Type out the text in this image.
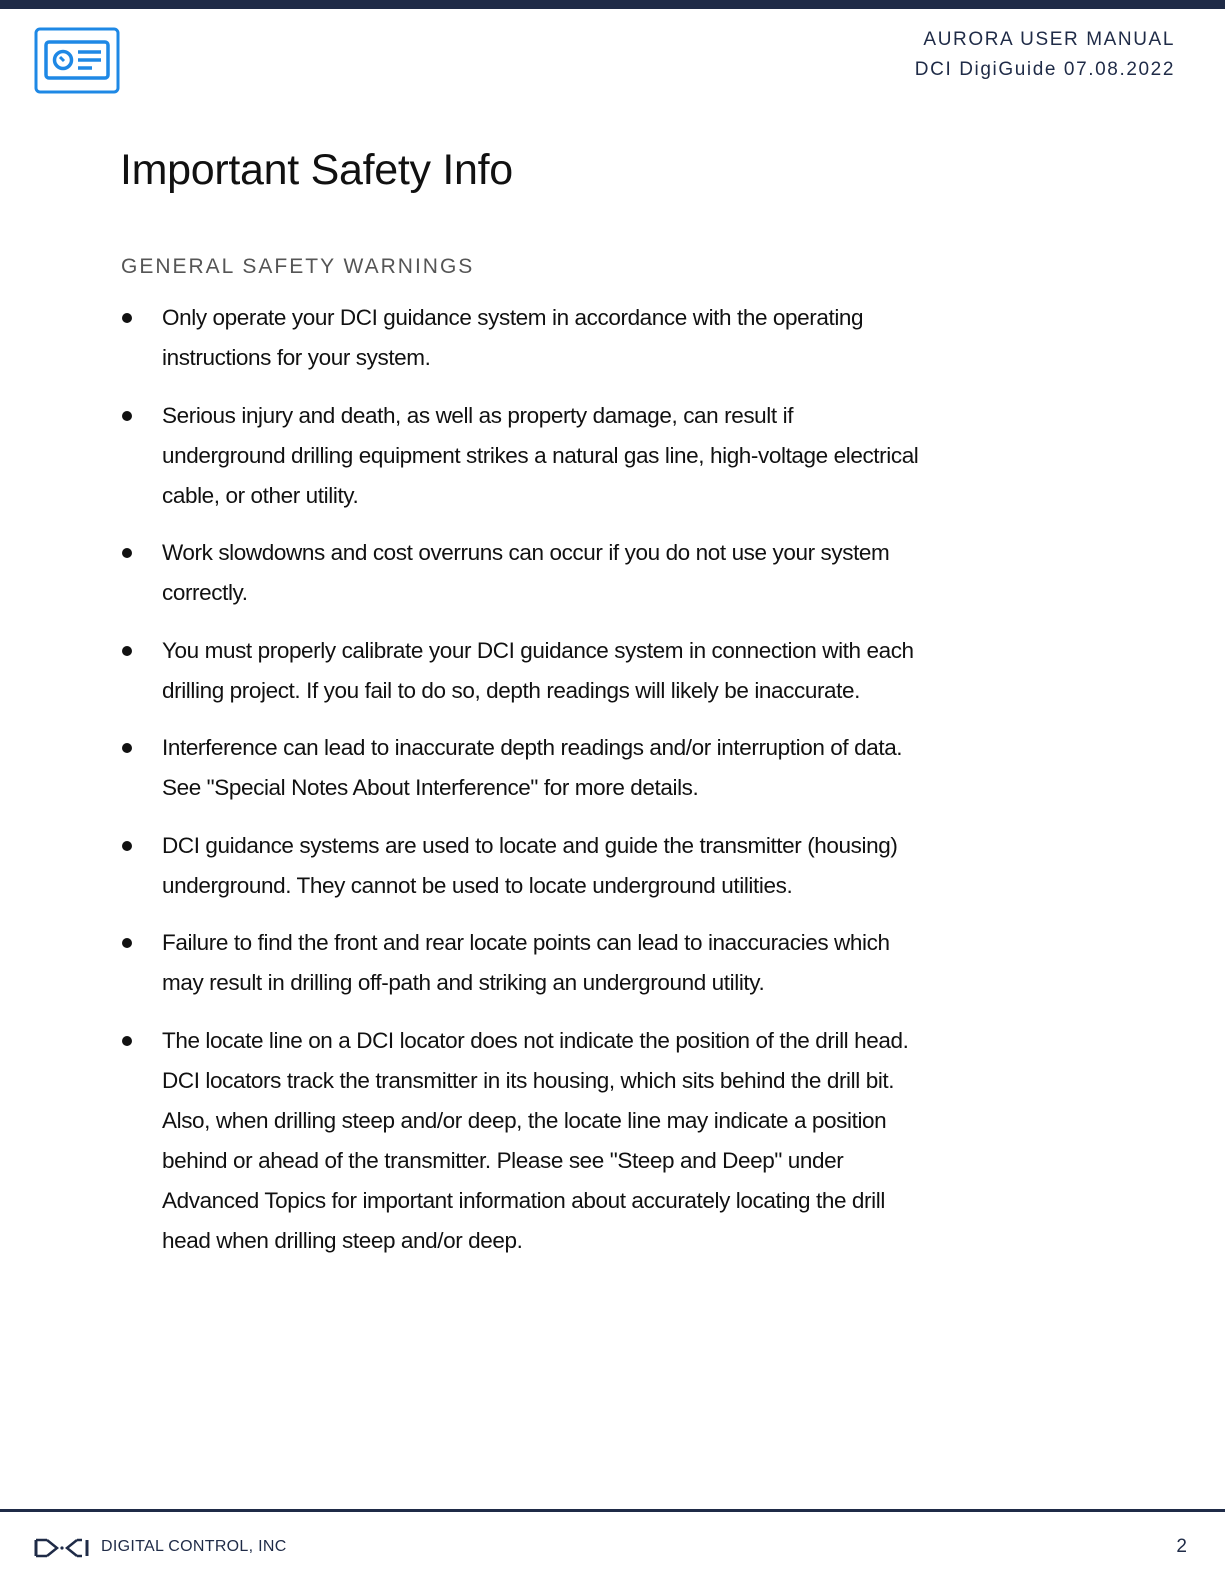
AURORA USER MANUAL
DCI DigiGuide 07.08.2022
Important Safety Info
GENERAL SAFETY WARNINGS
Only operate your DCI guidance system in accordance with the operating instructions for your system.
Serious injury and death, as well as property damage, can result if underground drilling equipment strikes a natural gas line, high-voltage electrical cable, or other utility.
Work slowdowns and cost overruns can occur if you do not use your system correctly.
You must properly calibrate your DCI guidance system in connection with each drilling project. If you fail to do so, depth readings will likely be inaccurate.
Interference can lead to inaccurate depth readings and/or interruption of data. See "Special Notes About Interference" for more details.
DCI guidance systems are used to locate and guide the transmitter (housing) underground. They cannot be used to locate underground utilities.
Failure to find the front and rear locate points can lead to inaccuracies which may result in drilling off-path and striking an underground utility.
The locate line on a DCI locator does not indicate the position of the drill head. DCI locators track the transmitter in its housing, which sits behind the drill bit. Also, when drilling steep and/or deep, the locate line may indicate a position behind or ahead of the transmitter. Please see "Steep and Deep" under Advanced Topics for important information about accurately locating the drill head when drilling steep and/or deep.
DIGITAL CONTROL, INC	2
